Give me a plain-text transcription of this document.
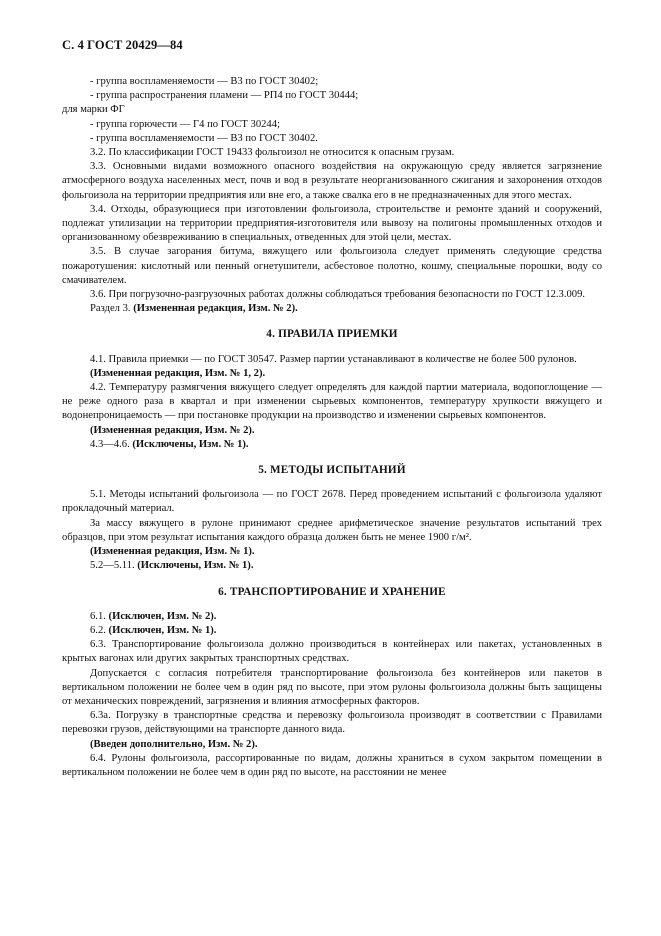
С. 4 ГОСТ 20429—84

- группа воспламеняемости — В3 по ГОСТ 30402;

- группа распространения пламени — РП4 по ГОСТ 30444;

для марки ФГ

- группа горючести — Г4 по ГОСТ 30244;

- группа воспламеняемости — В3 по ГОСТ 30402.

3.2. По классификации ГОСТ 19433 фольгоизол не относится к опасным грузам.

3.3. Основными видами возможного опасного воздействия на окружающую среду является загрязнение атмосферного воздуха населенных мест, почв и вод в результате неорганизованного сжигания и захоронения отходов фольгоизола на территории предприятия или вне его, а также свалка его в не предназначенных для этого местах.

3.4. Отходы, образующиеся при изготовлении фольгоизола, строительстве и ремонте зданий и сооружений, подлежат утилизации на территории предприятия-изготовителя или вывозу на полигоны промышленных отходов и организованному обезвреживанию в специальных, отведенных для этой цели, местах.

3.5. В случае загорания битума, вяжущего или фольгоизола следует применять следующие средства пожаротушения: кислотный или пенный огнетушители, асбестовое полотно, кошму, специальные порошки, воду со смачивателем.

3.6. При погрузочно-разгрузочных работах должны соблюдаться требования безопасности по ГОСТ 12.3.009.

Раздел 3. (Измененная редакция, Изм. № 2).

4. ПРАВИЛА ПРИЕМКИ

4.1. Правила приемки — по ГОСТ 30547. Размер партии устанавливают в количестве не более 500 рулонов.

(Измененная редакция, Изм. № 1, 2).

4.2. Температуру размягчения вяжущего следует определять для каждой партии материала, водопоглощение — не реже одного раза в квартал и при изменении сырьевых компонентов, температуру хрупкости вяжущего и водонепроницаемость — при постановке продукции на производство и изменении сырьевых компонентов.

(Измененная редакция, Изм. № 2).

4.3—4.6. (Исключены, Изм. № 1).

5. МЕТОДЫ ИСПЫТАНИЙ

5.1. Методы испытаний фольгоизола — по ГОСТ 2678. Перед проведением испытаний с фольгоизола удаляют прокладочный материал.

За массу вяжущего в рулоне принимают среднее арифметическое значение результатов испытаний трех образцов, при этом результат испытания каждого образца должен быть не менее 1900 г/м².

(Измененная редакция, Изм. № 1).

5.2—5.11. (Исключены, Изм. № 1).

6. ТРАНСПОРТИРОВАНИЕ И ХРАНЕНИЕ

6.1. (Исключен, Изм. № 2).

6.2. (Исключен, Изм. № 1).

6.3. Транспортирование фольгоизола должно производиться в контейнерах или пакетах, установленных в крытых вагонах или других закрытых транспортных средствах.

Допускается с согласия потребителя транспортирование фольгоизола без контейнеров или пакетов в вертикальном положении не более чем в один ряд по высоте, при этом рулоны фольгоизола должны быть защищены от механических повреждений, загрязнения и влияния атмосферных факторов.

6.3а. Погрузку в транспортные средства и перевозку фольгоизола производят в соответствии с Правилами перевозки грузов, действующими на транспорте данного вида.

(Введен дополнительно, Изм. № 2).

6.4. Рулоны фольгоизола, рассортированные по видам, должны храниться в сухом закрытом помещении в вертикальном положении не более чем в один ряд по высоте, на расстоянии не менее
